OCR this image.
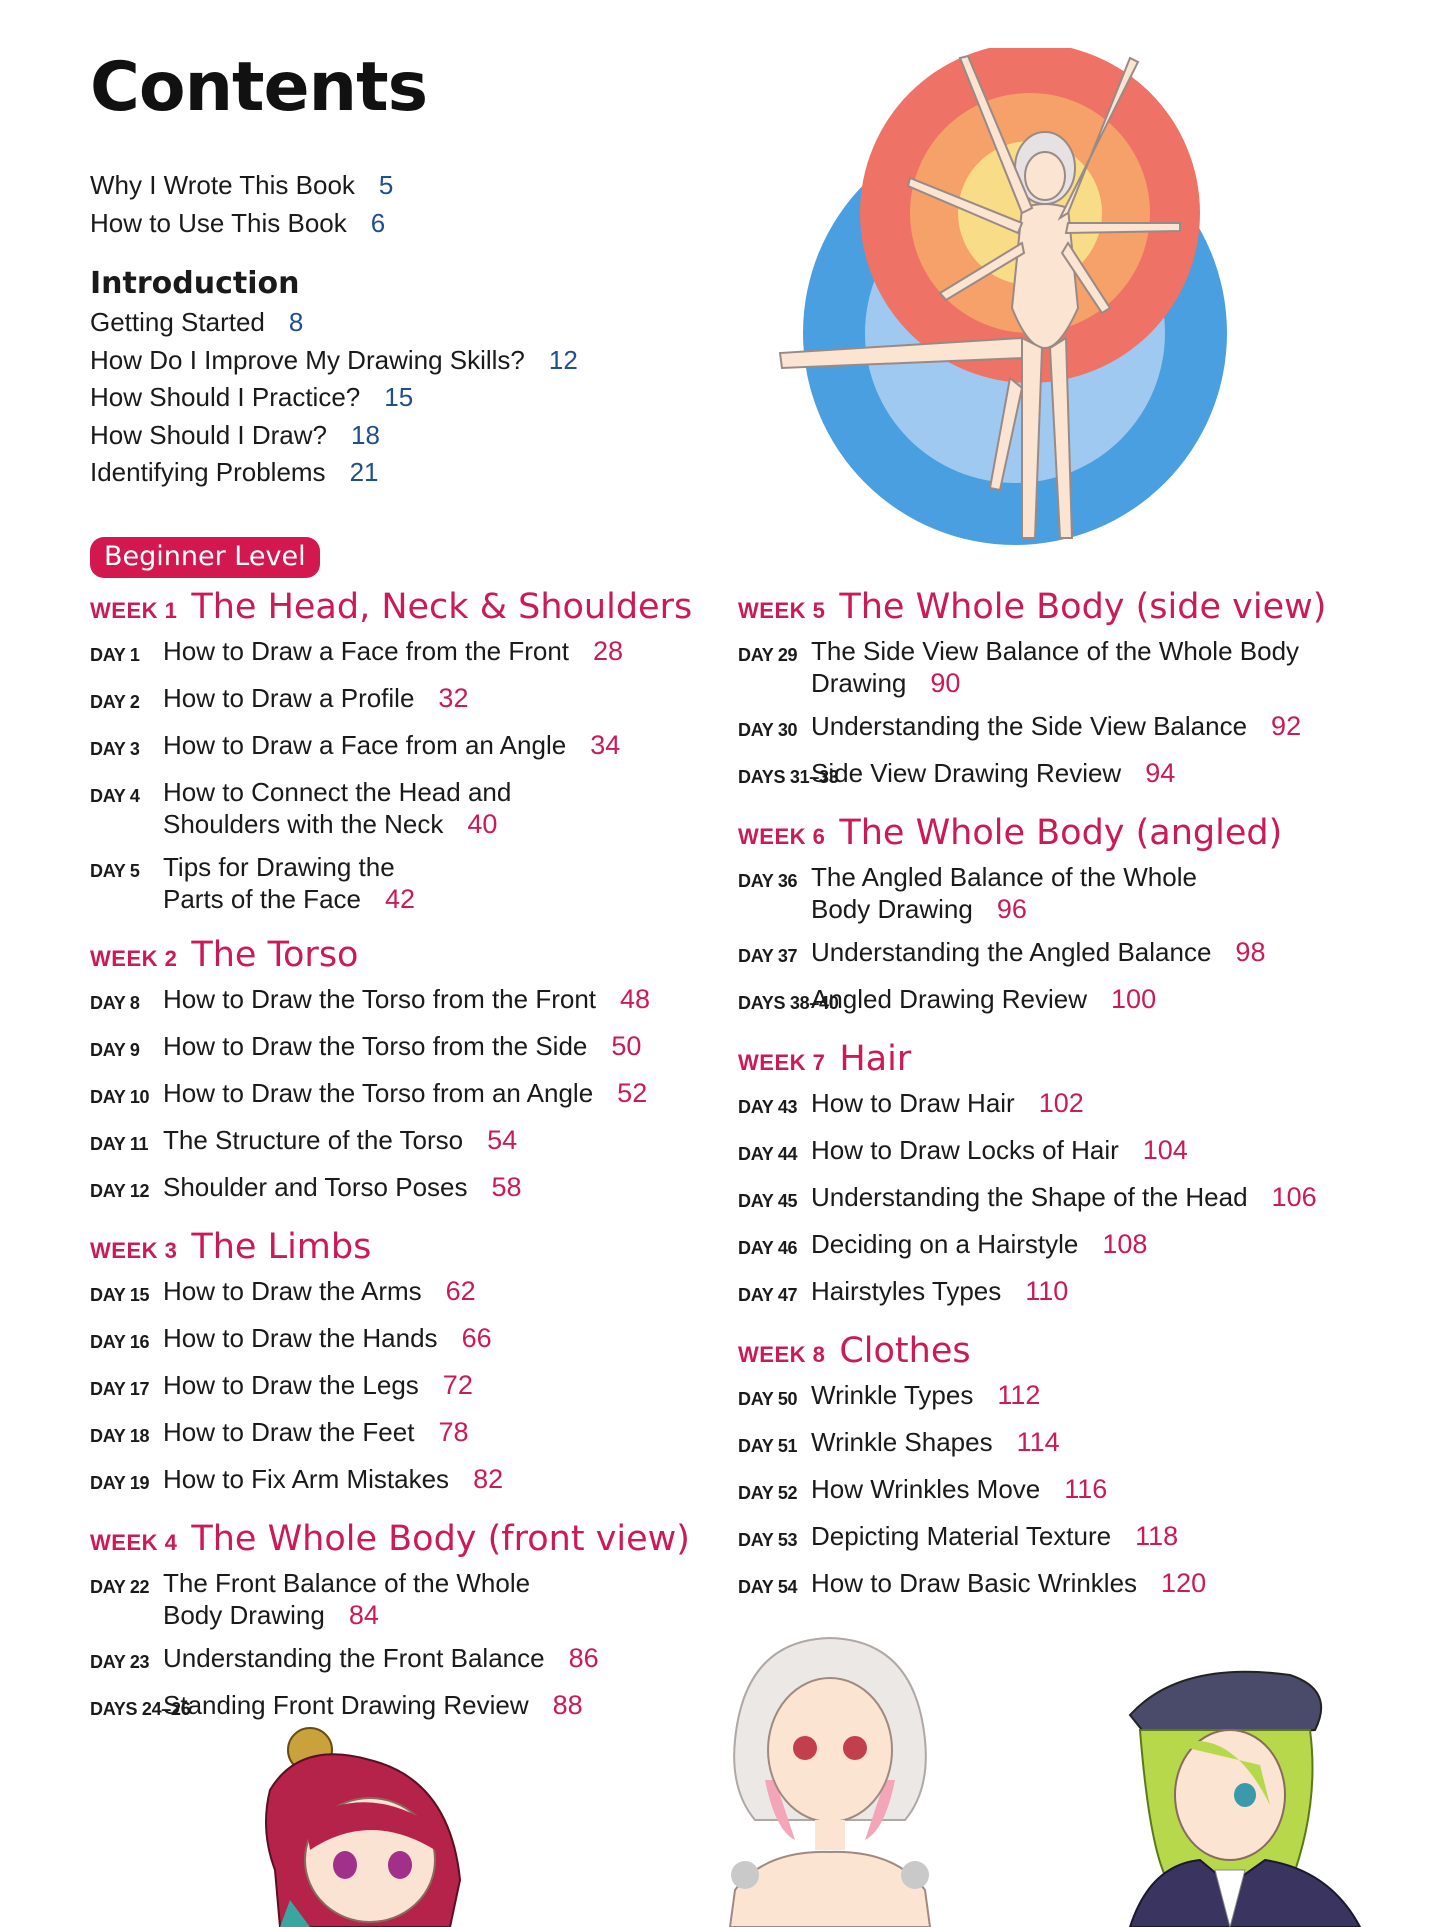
Contents
Why I Wrote This Book 5
How to Use This Book 6
Introduction
Getting Started 8
How Do I Improve My Drawing Skills? 12
How Should I Practice? 15
How Should I Draw? 18
Identifying Problems 21
Beginner Level
WEEK 1 The Head, Neck & Shoulders
DAY 1 How to Draw a Face from the Front 28
DAY 2 How to Draw a Profile 32
DAY 3 How to Draw a Face from an Angle 34
DAY 4 How to Connect the Head and
Shoulders with the Neck 40
DAY 5 Tips for Drawing the
Parts of the Face 42
WEEK 2 The Torso
DAY 8 How to Draw the Torso from the Front 48
DAY 9 How to Draw the Torso from the Side 50
DAY 10 How to Draw the Torso from an Angle 52
DAY 11 The Structure of the Torso 54
DAY 12 Shoulder and Torso Poses 58
WEEK 3 The Limbs
DAY 15 How to Draw the Arms 62
DAY 16 How to Draw the Hands 66
DAY 17 How to Draw the Legs 72
DAY 18 How to Draw the Feet 78
DAY 19 How to Fix Arm Mistakes 82
WEEK 4 The Whole Body (front view)
DAY 22 The Front Balance of the Whole
Body Drawing 84
DAY 23 Understanding the Front Balance 86
DAYS 24–26
Standing Front Drawing Review 88
WEEK 5 The Whole Body (side view)
DAY 29 The Side View Balance of the Whole Body
Drawing 90
DAY 30 Understanding the Side View Balance 92
DAYS 31–33
Side View Drawing Review 94
WEEK 6 The Whole Body (angled)
DAY 36 The Angled Balance of the Whole
Body Drawing 96
DAY 37 Understanding the Angled Balance 98
DAYS 38–40
Angled Drawing Review 100
WEEK 7 Hair
DAY 43 How to Draw Hair 102
DAY 44 How to Draw Locks of Hair 104
DAY 45 Understanding the Shape of the Head 106
DAY 46 Deciding on a Hairstyle 108
DAY 47 Hairstyles Types 110
WEEK 8 Clothes
DAY 50 Wrinkle Types 112
DAY 51 Wrinkle Shapes 114
DAY 52 How Wrinkles Move 116
DAY 53 Depicting Material Texture 118
DAY 54 How to Draw Basic Wrinkles 120
